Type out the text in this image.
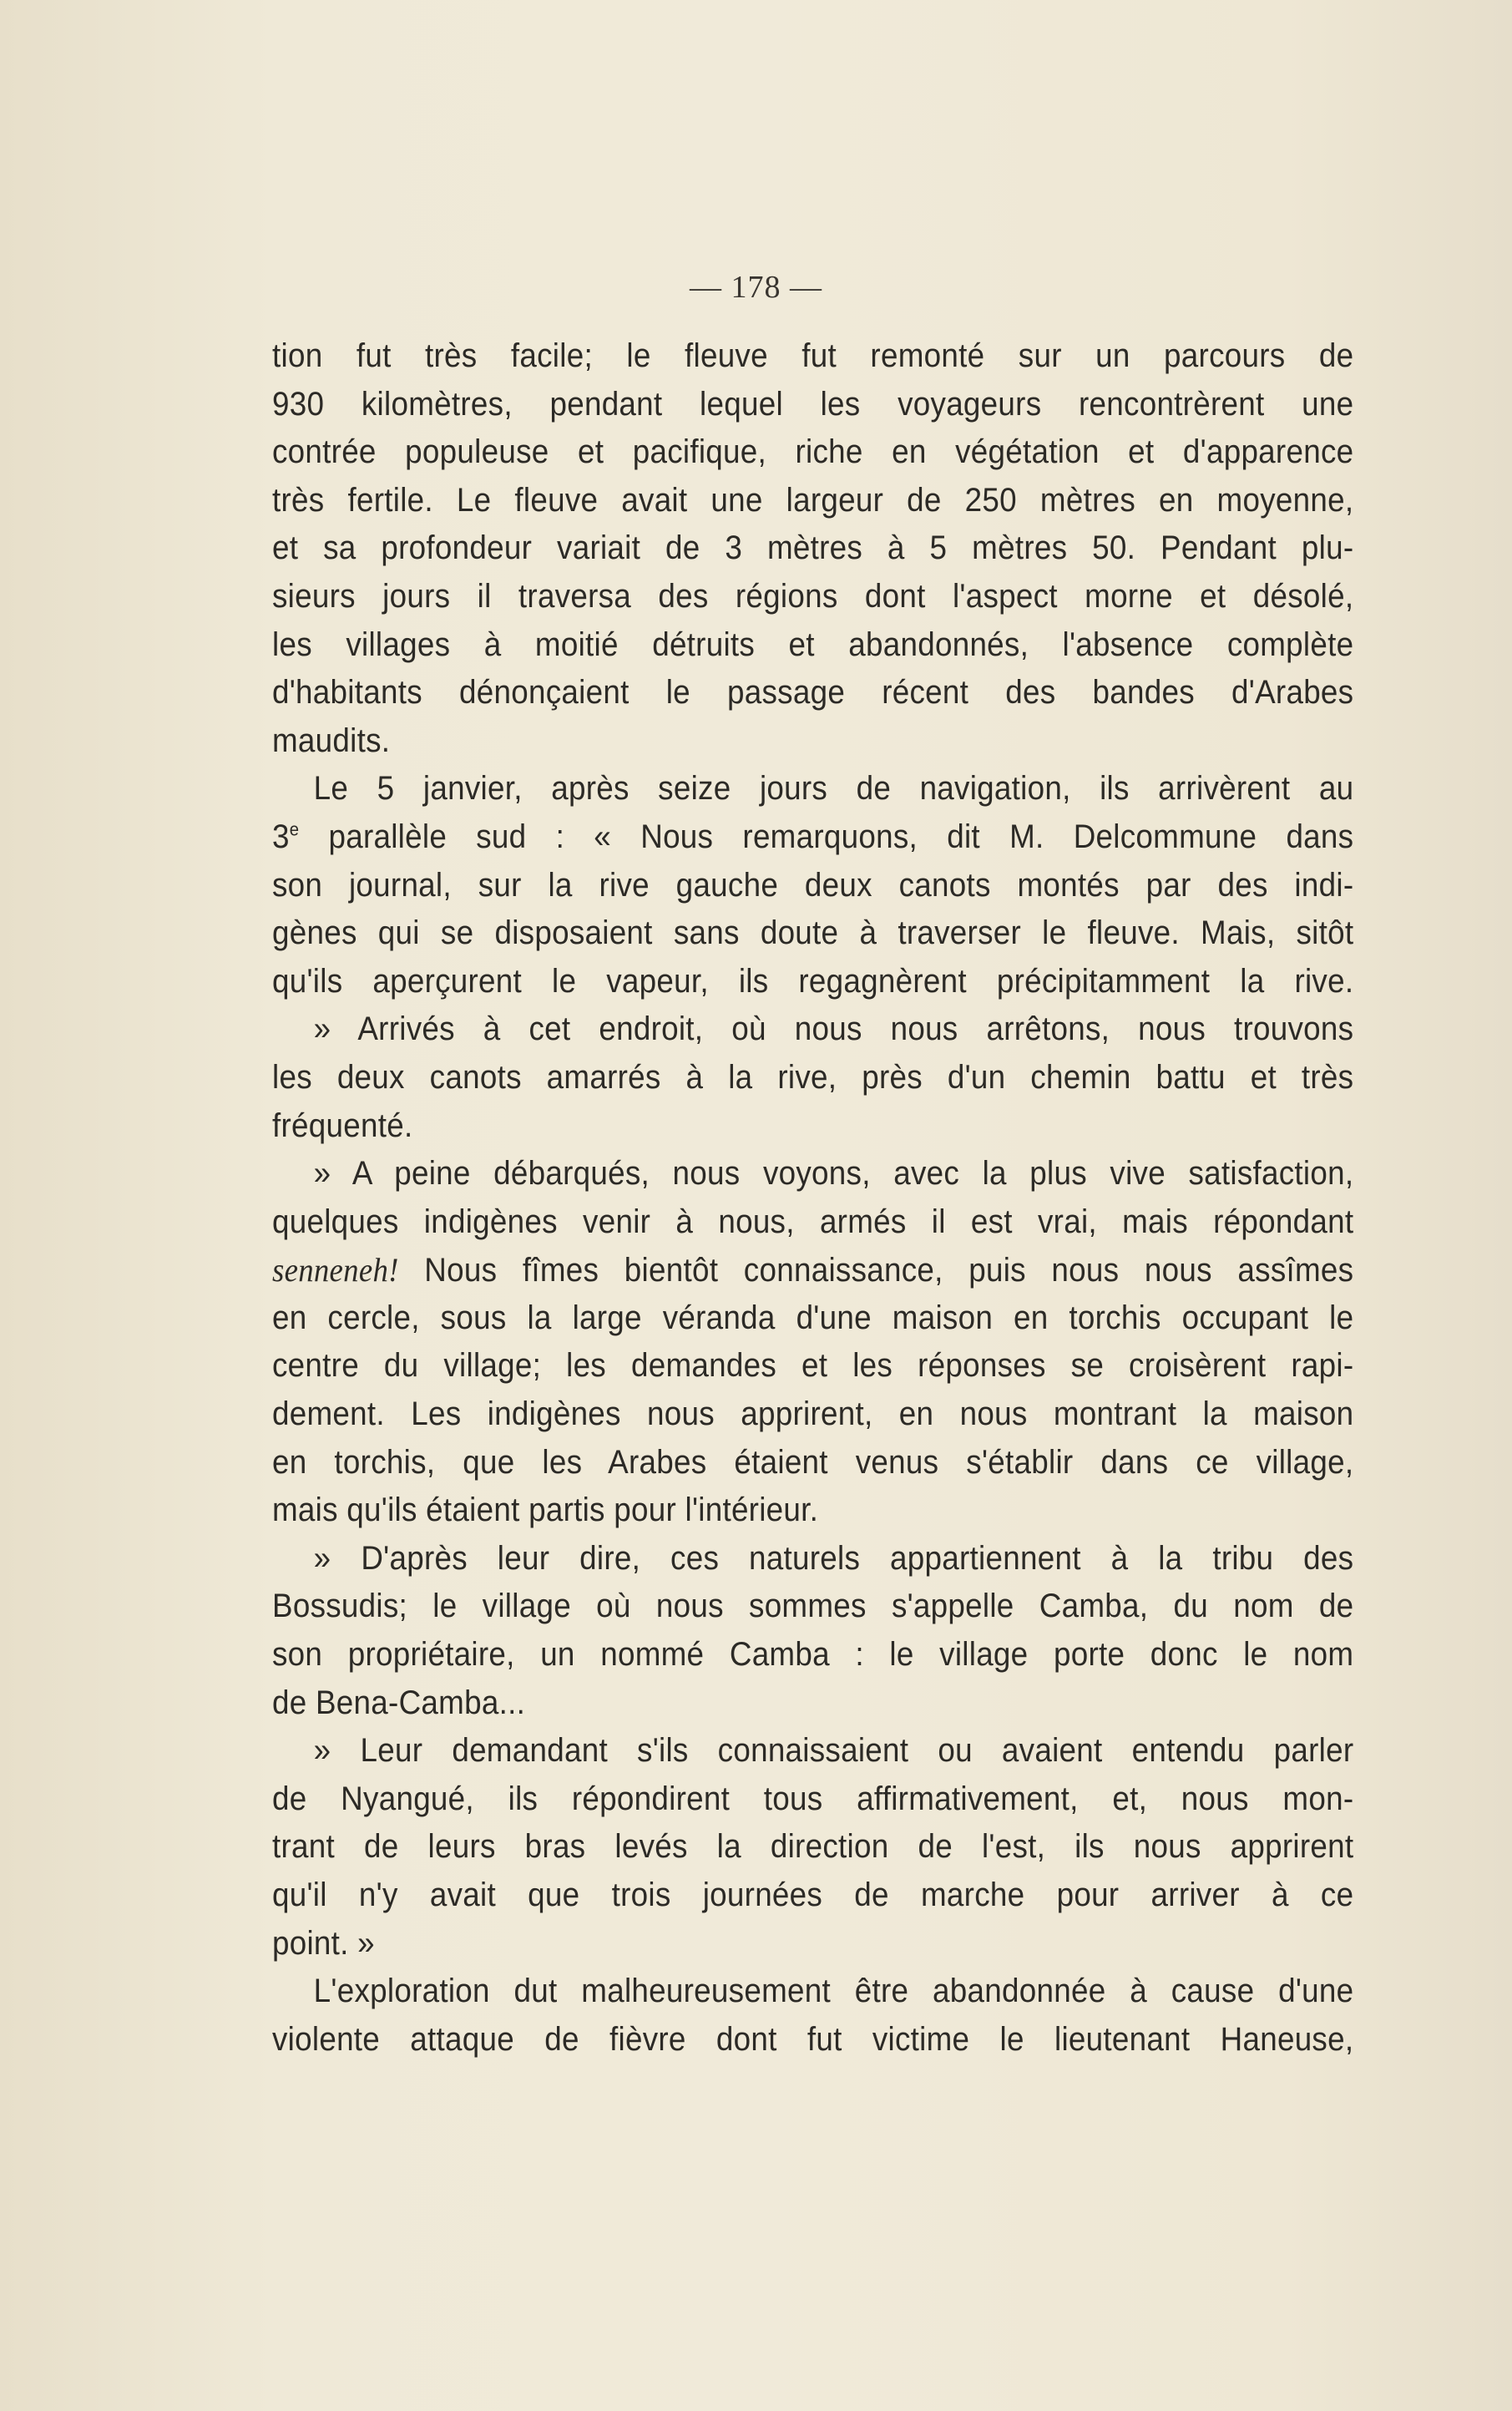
— 178 —
tion fut très facile; le fleuve fut remonté sur un parcours de
930 kilomètres, pendant lequel les voyageurs rencontrèrent une
contrée populeuse et pacifique, riche en végétation et d'apparence
très fertile. Le fleuve avait une largeur de 250 mètres en moyenne,
et sa profondeur variait de 3 mètres à 5 mètres 50. Pendant plu-
sieurs jours il traversa des régions dont l'aspect morne et désolé,
les villages à moitié détruits et abandonnés, l'absence complète
d'habitants dénonçaient le passage récent des bandes d'Arabes
maudits.
Le 5 janvier, après seize jours de navigation, ils arrivèrent au
3e parallèle sud : « Nous remarquons, dit M. Delcommune dans
son journal, sur la rive gauche deux canots montés par des indi-
gènes qui se disposaient sans doute à traverser le fleuve. Mais, sitôt
qu'ils aperçurent le vapeur, ils regagnèrent précipitamment la rive.
» Arrivés à cet endroit, où nous nous arrêtons, nous trouvons
les deux canots amarrés à la rive, près d'un chemin battu et très
fréquenté.
» A peine débarqués, nous voyons, avec la plus vive satisfaction,
quelques indigènes venir à nous, armés il est vrai, mais répondant
senneneh! Nous fîmes bientôt connaissance, puis nous nous assîmes
en cercle, sous la large véranda d'une maison en torchis occupant le
centre du village; les demandes et les réponses se croisèrent rapi-
dement. Les indigènes nous apprirent, en nous montrant la maison
en torchis, que les Arabes étaient venus s'établir dans ce village,
mais qu'ils étaient partis pour l'intérieur.
» D'après leur dire, ces naturels appartiennent à la tribu des
Bossudis; le village où nous sommes s'appelle Camba, du nom de
son propriétaire, un nommé Camba : le village porte donc le nom
de Bena-Camba...
» Leur demandant s'ils connaissaient ou avaient entendu parler
de Nyangué, ils répondirent tous affirmativement, et, nous mon-
trant de leurs bras levés la direction de l'est, ils nous apprirent
qu'il n'y avait que trois journées de marche pour arriver à ce
point. »
L'exploration dut malheureusement être abandonnée à cause d'une
violente attaque de fièvre dont fut victime le lieutenant Haneuse,
